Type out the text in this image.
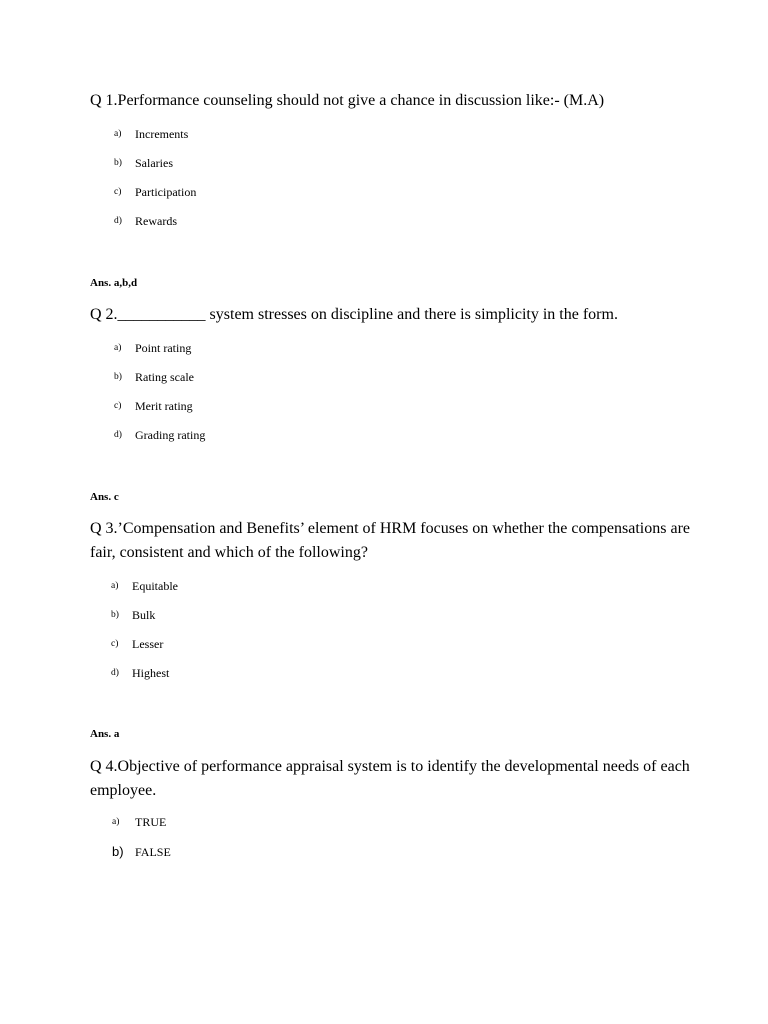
Q 1.Performance counseling should not give a chance in discussion like:- (M.A)
a) Increments
b) Salaries
c) Participation
d) Rewards
Ans. a,b,d
Q 2.___________ system stresses on discipline and there is simplicity in the form.
a) Point rating
b) Rating scale
c) Merit rating
d) Grading rating
Ans. c
Q 3.’Compensation and Benefits’ element of HRM focuses on whether the compensations are fair, consistent and which of the following?
a) Equitable
b) Bulk
c) Lesser
d) Highest
Ans. a
Q 4.Objective of performance appraisal system is to identify the developmental needs of each employee.
a) TRUE
b) FALSE
